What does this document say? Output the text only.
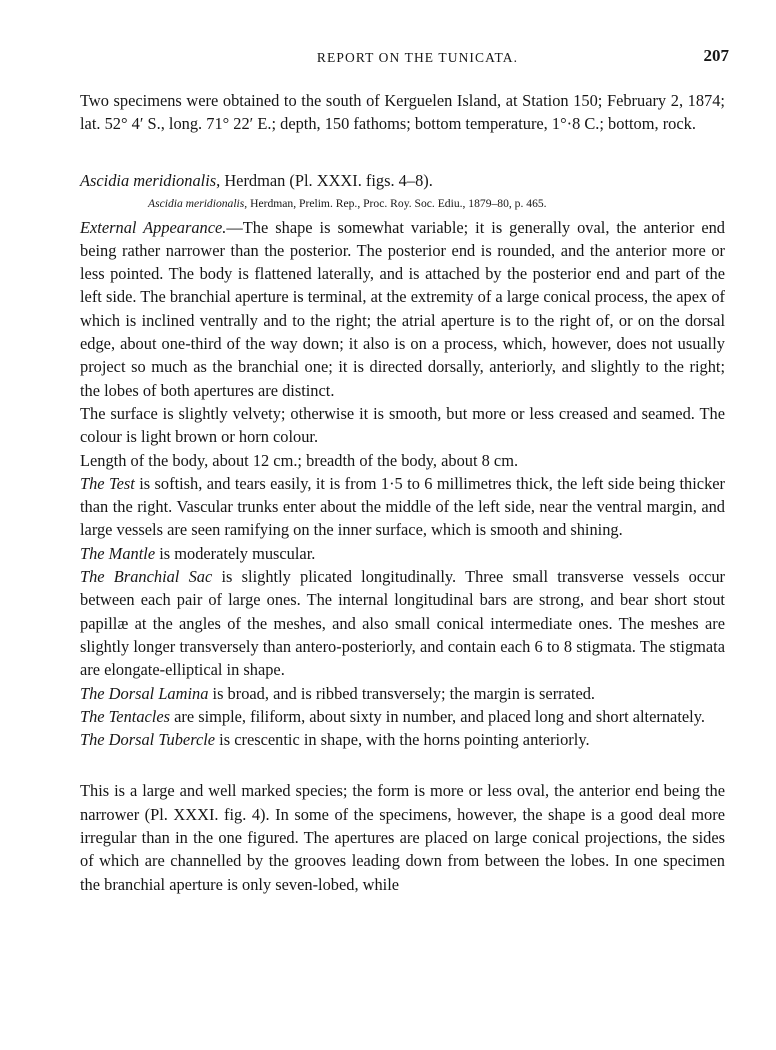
REPORT ON THE TUNICATA.	207

Two specimens were obtained to the south of Kerguelen Island, at Station 150; February 2, 1874; lat. 52° 4′ S., long. 71° 22′ E.; depth, 150 fathoms; bottom temperature, 1°·8 C.; bottom, rock.

Ascidia meridionalis, Herdman (Pl. XXXI. figs. 4–8).
Ascidia meridionalis, Herdman, Prelim. Rep., Proc. Roy. Soc. Ediu., 1879–80, p. 465.

External Appearance.—The shape is somewhat variable; it is generally oval, the anterior end being rather narrower than the posterior. The posterior end is rounded, and the anterior more or less pointed. The body is flattened laterally, and is attached by the posterior end and part of the left side. The branchial aperture is terminal, at the extremity of a large conical process, the apex of which is inclined ventrally and to the right; the atrial aperture is to the right of, or on the dorsal edge, about one-third of the way down; it also is on a process, which, however, does not usually project so much as the branchial one; it is directed dorsally, anteriorly, and slightly to the right; the lobes of both apertures are distinct.

The surface is slightly velvety; otherwise it is smooth, but more or less creased and seamed. The colour is light brown or horn colour.

Length of the body, about 12 cm.; breadth of the body, about 8 cm.

The Test is softish, and tears easily, it is from 1·5 to 6 millimetres thick, the left side being thicker than the right. Vascular trunks enter about the middle of the left side, near the ventral margin, and large vessels are seen ramifying on the inner surface, which is smooth and shining.

The Mantle is moderately muscular.

The Branchial Sac is slightly plicated longitudinally. Three small transverse vessels occur between each pair of large ones. The internal longitudinal bars are strong, and bear short stout papillæ at the angles of the meshes, and also small conical intermediate ones. The meshes are slightly longer transversely than antero-posteriorly, and contain each 6 to 8 stigmata. The stigmata are elongate-elliptical in shape.

The Dorsal Lamina is broad, and is ribbed transversely; the margin is serrated.

The Tentacles are simple, filiform, about sixty in number, and placed long and short alternately.

The Dorsal Tubercle is crescentic in shape, with the horns pointing anteriorly.

This is a large and well marked species; the form is more or less oval, the anterior end being the narrower (Pl. XXXI. fig. 4). In some of the specimens, however, the shape is a good deal more irregular than in the one figured. The apertures are placed on large conical projections, the sides of which are channelled by the grooves leading down from between the lobes. In one specimen the branchial aperture is only seven-lobed, while
